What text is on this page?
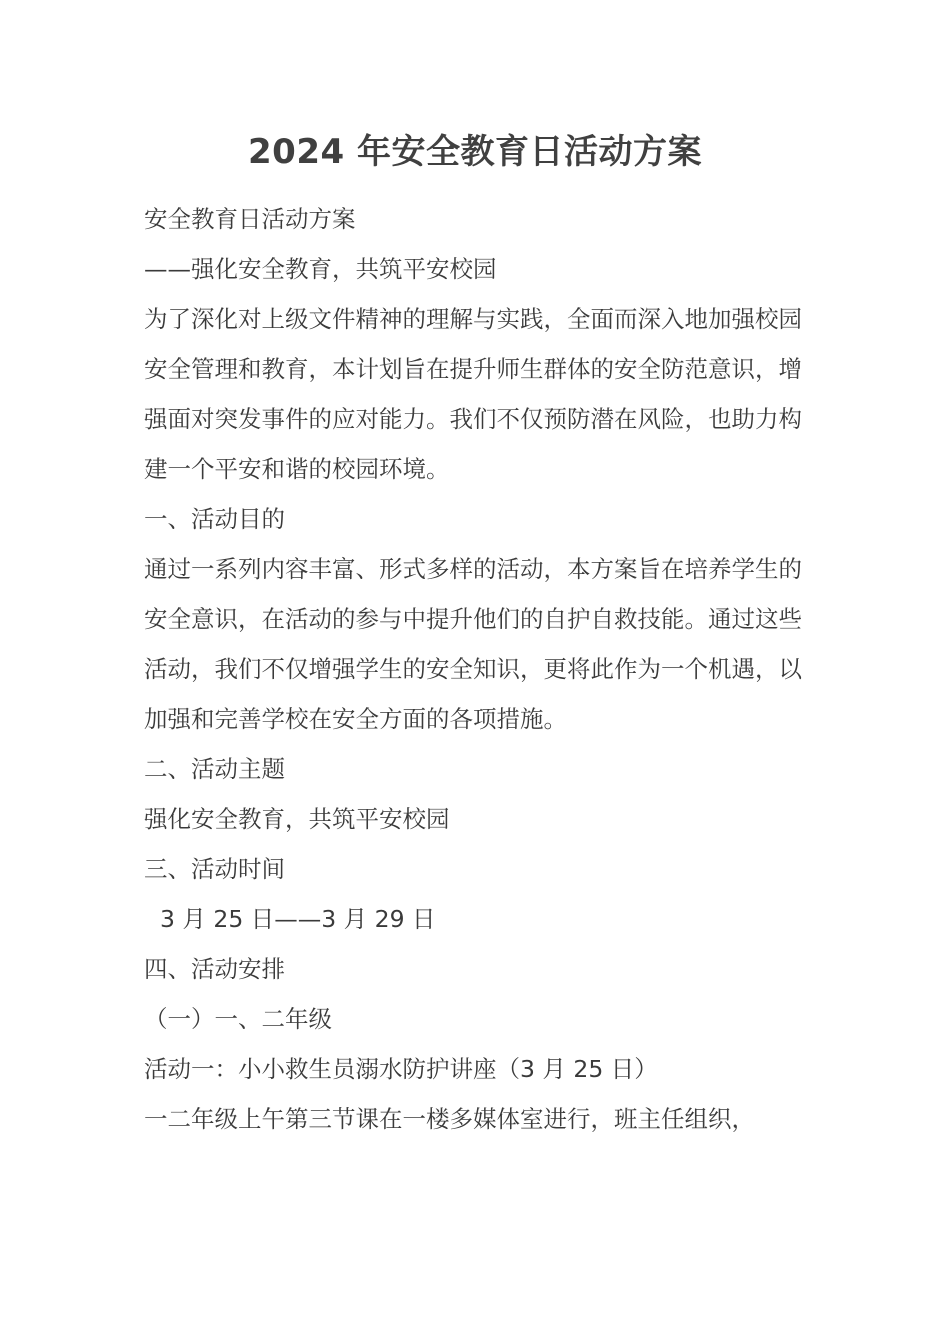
2024 年安全教育日活动方案

安全教育日活动方案

——强化安全教育，共筑平安校园

为了深化对上级文件精神的理解与实践，全面而深入地加强校园安全管理和教育，本计划旨在提升师生群体的安全防范意识，增强面对突发事件的应对能力。我们不仅预防潜在风险，也助力构建一个平安和谐的校园环境。

一、活动目的

通过一系列内容丰富、形式多样的活动，本方案旨在培养学生的安全意识，在活动的参与中提升他们的自护自救技能。通过这些活动，我们不仅增强学生的安全知识，更将此作为一个机遇，以加强和完善学校在安全方面的各项措施。

二、活动主题

强化安全教育，共筑平安校园

三、活动时间

3 月 25 日——3 月 29 日

四、活动安排

（一）一、二年级

活动一：小小救生员溺水防护讲座（3 月 25 日）

一二年级上午第三节课在一楼多媒体室进行，班主任组织，
